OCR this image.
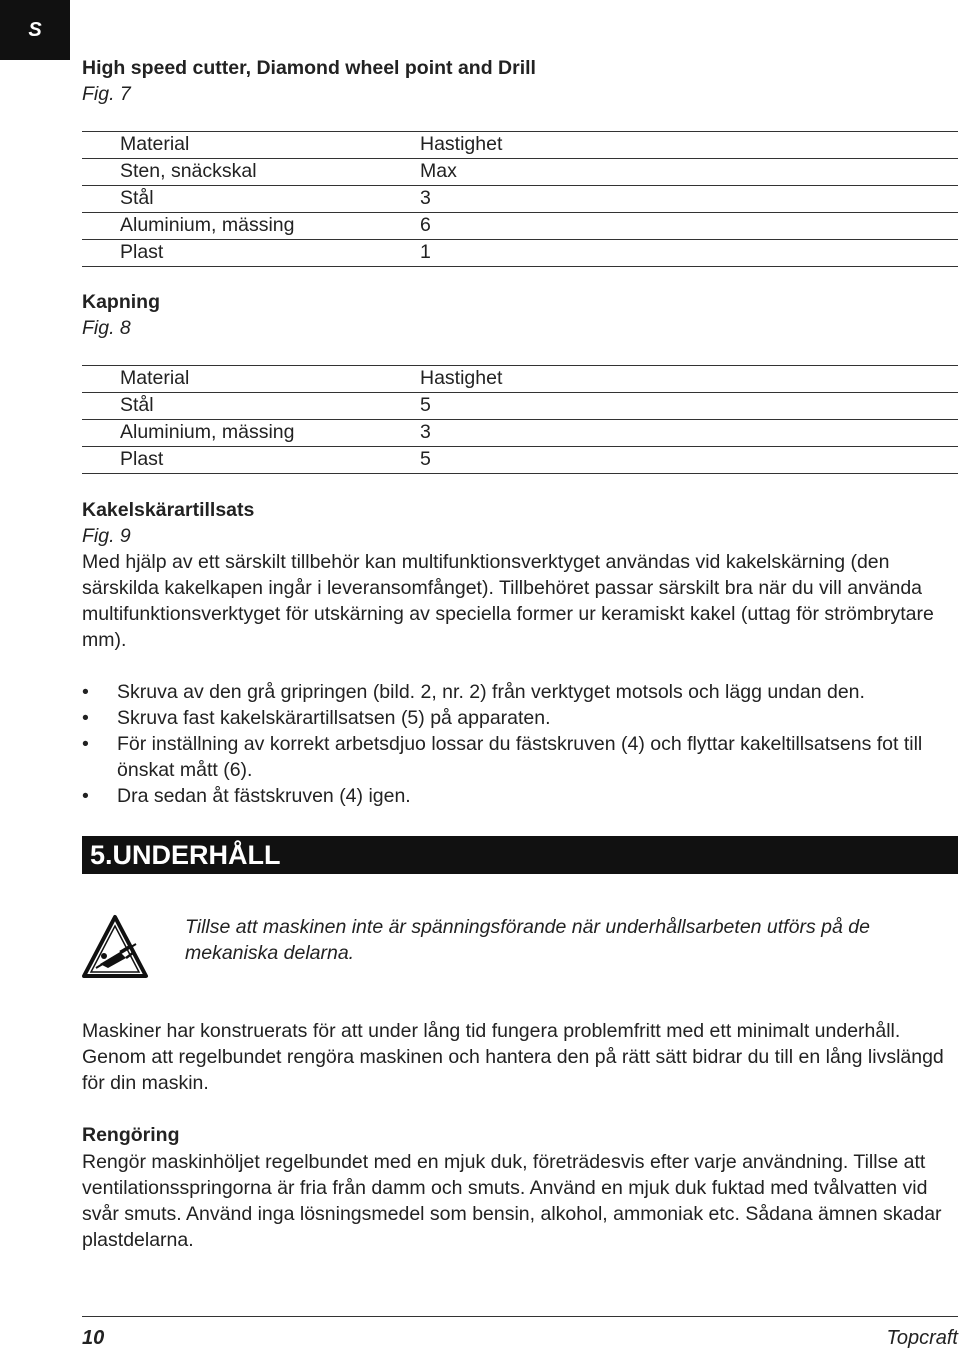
S
High speed cutter, Diamond wheel point and Drill
Fig. 7
Material	Hastighet
Sten, snäckskal	Max
Stål	3
Aluminium, mässing	6
Plast	1
Kapning
Fig. 8
Material	Hastighet
Stål	5
Aluminium, mässing	3
Plast	5
Kakelskärartillsats
Fig. 9
Med hjälp av ett särskilt tillbehör kan multifunktionsverktyget användas vid kakelskärning (den särskilda kakelkapen ingår i leveransomfånget). Tillbehöret passar särskilt bra när du vill använda multifunktionsverktyget för utskärning av speciella former ur keramiskt kakel (uttag för strömbrytare mm).
• Skruva av den grå gripringen (bild. 2, nr. 2) från verktyget motsols och lägg undan den.
• Skruva fast kakelskärartillsatsen (5) på apparaten.
• För inställning av korrekt arbetsdjuo lossar du fästskruven (4) och flyttar kakeltillsatsens fot till önskat mått (6).
• Dra sedan åt fästskruven (4) igen.
5.UNDERHÅLL
Tillse att maskinen inte är spänningsförande när underhållsarbeten utförs på de mekaniska delarna.
Maskiner har konstruerats för att under lång tid fungera problemfritt med ett minimalt underhåll. Genom att regelbundet rengöra maskinen och hantera den på rätt sätt bidrar du till en lång livslängd för din maskin.
Rengöring
Rengör maskinhöljet regelbundet med en mjuk duk, företrädesvis efter varje användning. Tillse att ventilationsspringorna är fria från damm och smuts. Använd en mjuk duk fuktad med tvålvatten vid svår smuts. Använd inga lösningsmedel som bensin, alkohol, ammoniak etc. Sådana ämnen skadar plastdelarna.
10	Topcraft
